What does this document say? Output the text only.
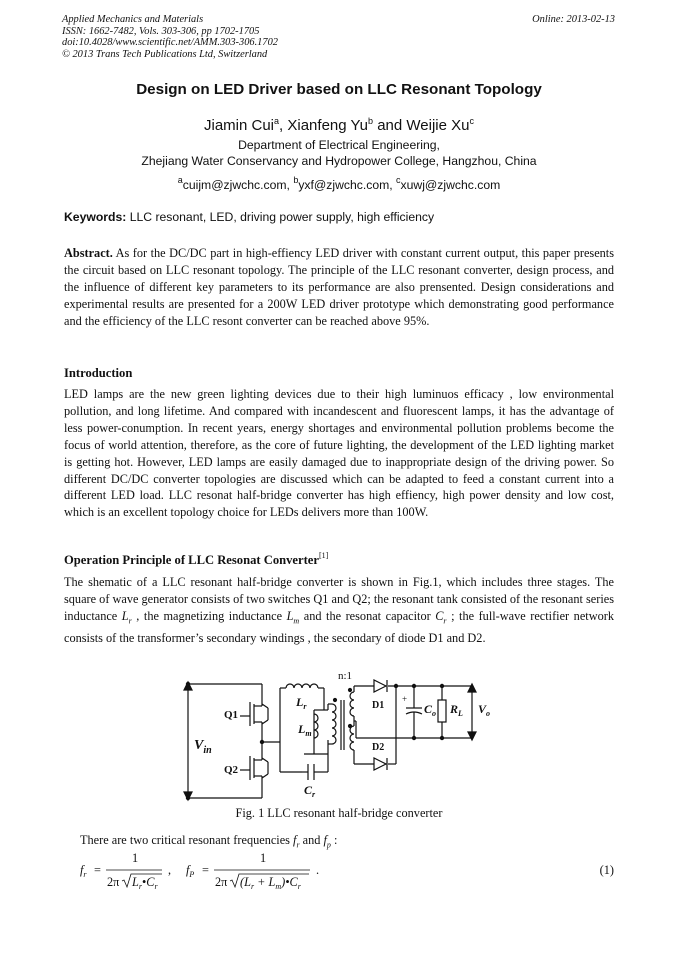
Applied Mechanics and Materials
ISSN: 1662-7482, Vols. 303-306, pp 1702-1705
doi:10.4028/www.scientific.net/AMM.303-306.1702
© 2013 Trans Tech Publications Ltd, Switzerland
Online: 2013-02-13
Design on LED Driver based on LLC Resonant Topology
Jiamin Cui$^a$, Xianfeng Yu$^b$ and Weijie Xu$^c$
Department of Electrical Engineering,
Zhejiang Water Conservancy and Hydropower College, Hangzhou, China
$^a$cuijm@zjwchc.com, $^b$yxf@zjwchc.com, $^c$xuwj@zjwchc.com
Keywords: LLC resonant, LED, driving power supply, high efficiency
Abstract. As for the DC/DC part in high-effiency LED driver with constant current output, this paper presents the circuit based on LLC resonant topology. The principle of the LLC resonant converter, design process, and the influence of different key parameters to its performance are also prensented. Design considerations and experimental results are presented for a 200W LED driver prototype which demonstrating good performance and the efficiency of the LLC resont converter can be reached above 95%.
Introduction
LED lamps are the new green lighting devices due to their high luminuos efficacy , low environmental pollution, and long lifetime. And compared with incandescent and fluorescent lamps, it has the advantage of less power-conumption. In recent years, energy shortages and environmental pollution problems become the focus of world attention, therefore, as the core of future lighting, the development of the LED lighting market is getting hot. However, LED lamps are easily damaged due to inappropriate design of the driving power. So different DC/DC converter topologies are discussed which can be adapted to feed a constant current into a different LED load. LLC resonat half-bridge converter has high effiency, high power density and low cost, which is an excellent topology choice for LEDs delivers more than 100W.
Operation Principle of LLC Resonat Converter[1]
The shematic of a LLC resonant half-bridge converter is shown in Fig.1, which includes three stages. The square of wave generator consists of two switches Q1 and Q2; the resonant tank consisted of the resonant series inductance $L_r$ , the magnetizing inductance $L_m$ and the resonat capacitor $C_r$ ; the full-wave rectifier network consists of the transformer’s secondary windings , the secondary of diode D1 and D2.
n:1
Q1
Q2
$V_{in}$
$L_r$
$L_m$
$C_r$
D1
D2
+
$C_o$ $R_L$ $V_o$
Fig. 1 LLC resonant half-bridge converter
There are two critical resonant frequencies $f_r$ and $f_p$ :
$f_r$ =
1
2π $L_r•C_r$
, $f_P$ =
1
2π ($L_r$ + $L_m)•C_r$
.	(1)
